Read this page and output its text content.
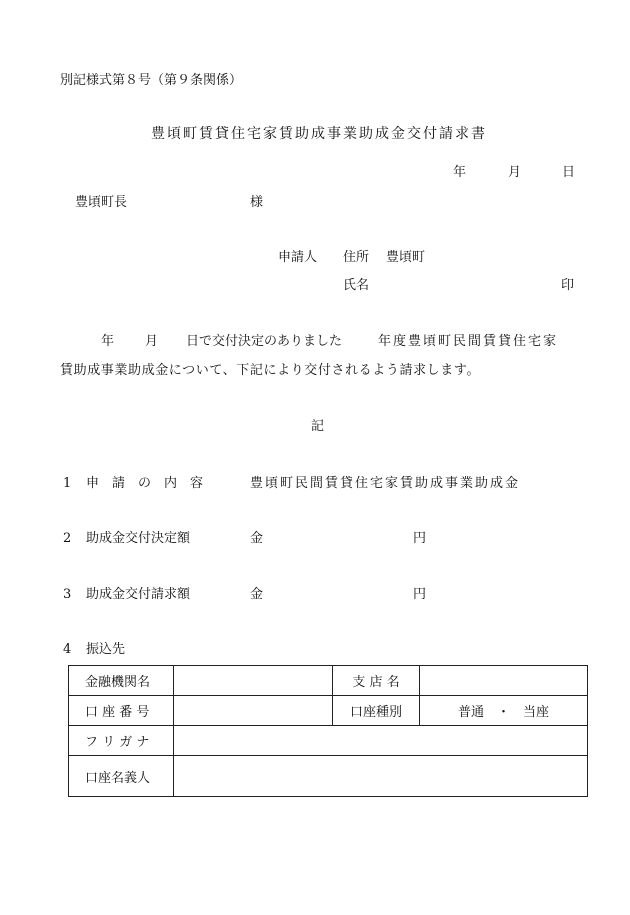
別記様式第８号（第９条関係）
豊頃町賃貸住宅家賃助成事業助成金交付請求書
年	月	日
豊頃町長	様
申請人 住所 豊頃町
氏名	印
年 月 日で交付決定のありました	年度豊頃町民間賃貸住宅家
賃助成事業助成金について、下記により交付されるよう請求します。
記
1 申　請　の　内　容	豊頃町民間賃貸住宅家賃助成事業助成金
2 助成金交付決定額	金	円
3 助成金交付請求額	金	円
4 振込先
金融機関名		支 店 名	
口 座 番 号		口座種別	普通　・　当座
フ リ ガ ナ			
口座名義人			
